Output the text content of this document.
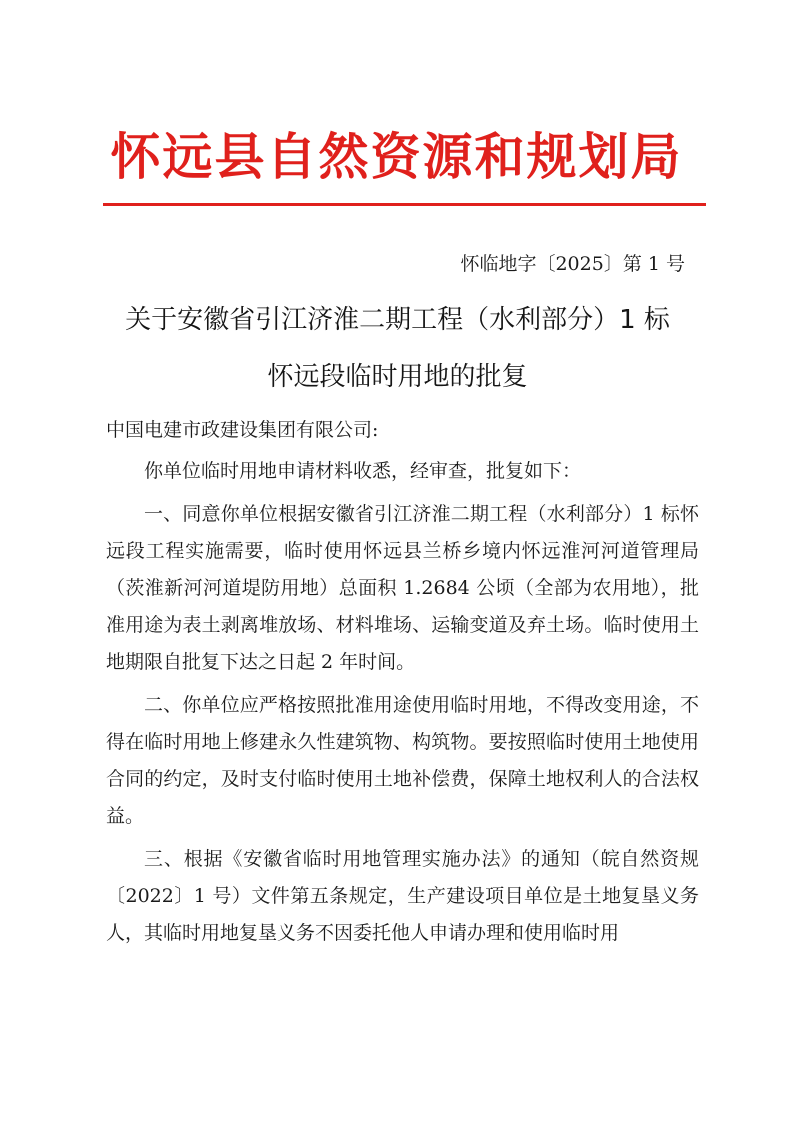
怀远县自然资源和规划局
怀临地字〔2025〕第 1 号
关于安徽省引江济淮二期工程（水利部分）1 标
怀远段临时用地的批复
中国电建市政建设集团有限公司:

你单位临时用地申请材料收悉，经审查，批复如下：

一、同意你单位根据安徽省引江济淮二期工程（水利部分）1 标怀远段工程实施需要，临时使用怀远县兰桥乡境内怀远淮河河道管理局（茨淮新河河道堤防用地）总面积 1.2684 公顷（全部为农用地），批准用途为表土剥离堆放场、材料堆场、运输变道及弃土场。临时使用土地期限自批复下达之日起 2 年时间。

二、你单位应严格按照批准用途使用临时用地，不得改变用途，不得在临时用地上修建永久性建筑物、构筑物。要按照临时使用土地使用合同的约定，及时支付临时使用土地补偿费，保障土地权利人的合法权益。

三、根据《安徽省临时用地管理实施办法》的通知（皖自然资规〔2022〕1 号）文件第五条规定，生产建设项目单位是土地复垦义务人，其临时用地复垦义务不因委托他人申请办理和使用临时用
